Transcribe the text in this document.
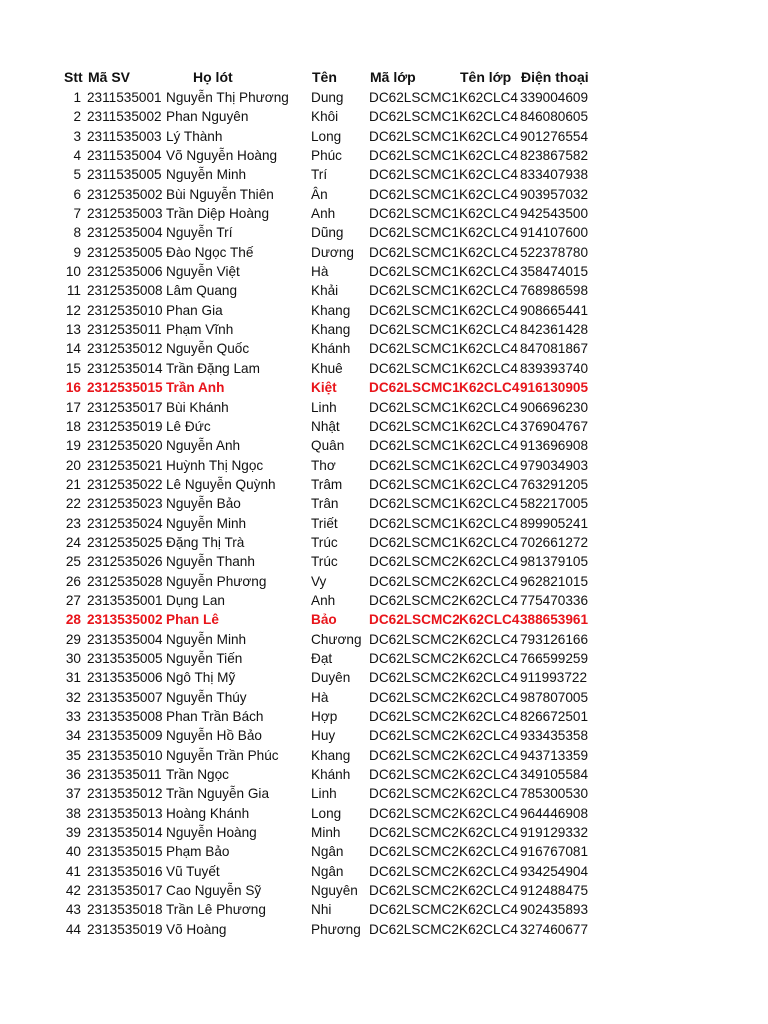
Stt Mã SV	Họ lót	Tên	Mã lớp	Tên lớp Điện thoại
1 2311535001 Nguyễn Thị Phương	Dung	DC62LSCMC1 K62CLC4 339004609
2 2311535002 Phan Nguyên	Khôi	DC62LSCMC1 K62CLC4 846080605
3 2311535003 Lý Thành	Long	DC62LSCMC1 K62CLC4 901276554
4 2311535004 Võ Nguyễn Hoàng	Phúc	DC62LSCMC1 K62CLC4 823867582
5 2311535005 Nguyễn Minh	Trí	DC62LSCMC1 K62CLC4 833407938
6 2312535002 Bùi Nguyễn Thiên	Ân	DC62LSCMC1 K62CLC4 903957032
7 2312535003 Trần Diệp Hoàng	Anh	DC62LSCMC1 K62CLC4 942543500
8 2312535004 Nguyễn Trí	Dũng	DC62LSCMC1 K62CLC4 914107600
9 2312535005 Đào Ngọc Thế	Dương	DC62LSCMC1 K62CLC4 522378780
10 2312535006 Nguyễn Việt	Hà	DC62LSCMC1 K62CLC4 358474015
11 2312535008 Lâm Quang	Khải	DC62LSCMC1 K62CLC4 768986598
12 2312535010 Phan Gia	Khang	DC62LSCMC1 K62CLC4 908665441
13 2312535011 Phạm Vĩnh	Khang	DC62LSCMC1 K62CLC4 842361428
14 2312535012 Nguyễn Quốc	Khánh	DC62LSCMC1 K62CLC4 847081867
15 2312535014 Trần Đặng Lam	Khuê	DC62LSCMC1 K62CLC4 839393740
16 2312535015 Trần Anh	Kiệt	DC62LSCMC1 K62CLC4 916130905
17 2312535017 Bùi Khánh	Linh	DC62LSCMC1 K62CLC4 906696230
18 2312535019 Lê Đức	Nhật	DC62LSCMC1 K62CLC4 376904767
19 2312535020 Nguyễn Anh	Quân	DC62LSCMC1 K62CLC4 913696908
20 2312535021 Huỳnh Thị Ngọc	Thơ	DC62LSCMC1 K62CLC4 979034903
21 2312535022 Lê Nguyễn Quỳnh	Trâm	DC62LSCMC1 K62CLC4 763291205
22 2312535023 Nguyễn Bảo	Trân	DC62LSCMC1 K62CLC4 582217005
23 2312535024 Nguyễn Minh	Triết	DC62LSCMC1 K62CLC4 899905241
24 2312535025 Đặng Thị Trà	Trúc	DC62LSCMC1 K62CLC4 702661272
25 2312535026 Nguyễn Thanh	Trúc	DC62LSCMC2 K62CLC4 981379105
26 2312535028 Nguyễn Phương	Vy	DC62LSCMC2 K62CLC4 962821015
27 2313535001 Dụng Lan	Anh	DC62LSCMC2 K62CLC4 775470336
28 2313535002 Phan Lê	Bảo	DC62LSCMC2 K62CLC4 388653961
29 2313535004 Nguyễn Minh	Chương DC62LSCMC2 K62CLC4 793126166
30 2313535005 Nguyễn Tiến	Đạt	DC62LSCMC2 K62CLC4 766599259
31 2313535006 Ngô Thị Mỹ	Duyên	DC62LSCMC2 K62CLC4 911993722
32 2313535007 Nguyễn Thúy	Hà	DC62LSCMC2 K62CLC4 987807005
33 2313535008 Phan Trần Bách	Hợp	DC62LSCMC2 K62CLC4 826672501
34 2313535009 Nguyễn Hồ Bảo	Huy	DC62LSCMC2 K62CLC4 933435358
35 2313535010 Nguyễn Trần Phúc	Khang	DC62LSCMC2 K62CLC4 943713359
36 2313535011 Trần Ngọc	Khánh	DC62LSCMC2 K62CLC4 349105584
37 2313535012 Trần Nguyễn Gia	Linh	DC62LSCMC2 K62CLC4 785300530
38 2313535013 Hoàng Khánh	Long	DC62LSCMC2 K62CLC4 964446908
39 2313535014 Nguyễn Hoàng	Minh	DC62LSCMC2 K62CLC4 919129332
40 2313535015 Phạm Bảo	Ngân	DC62LSCMC2 K62CLC4 916767081
41 2313535016 Vũ Tuyết	Ngân	DC62LSCMC2 K62CLC4 934254904
42 2313535017 Cao Nguyễn Sỹ	Nguyên DC62LSCMC2 K62CLC4 912488475
43 2313535018 Trần Lê Phương	Nhi	DC62LSCMC2 K62CLC4 902435893
44 2313535019 Võ Hoàng	Phương DC62LSCMC2 K62CLC4 327460677
